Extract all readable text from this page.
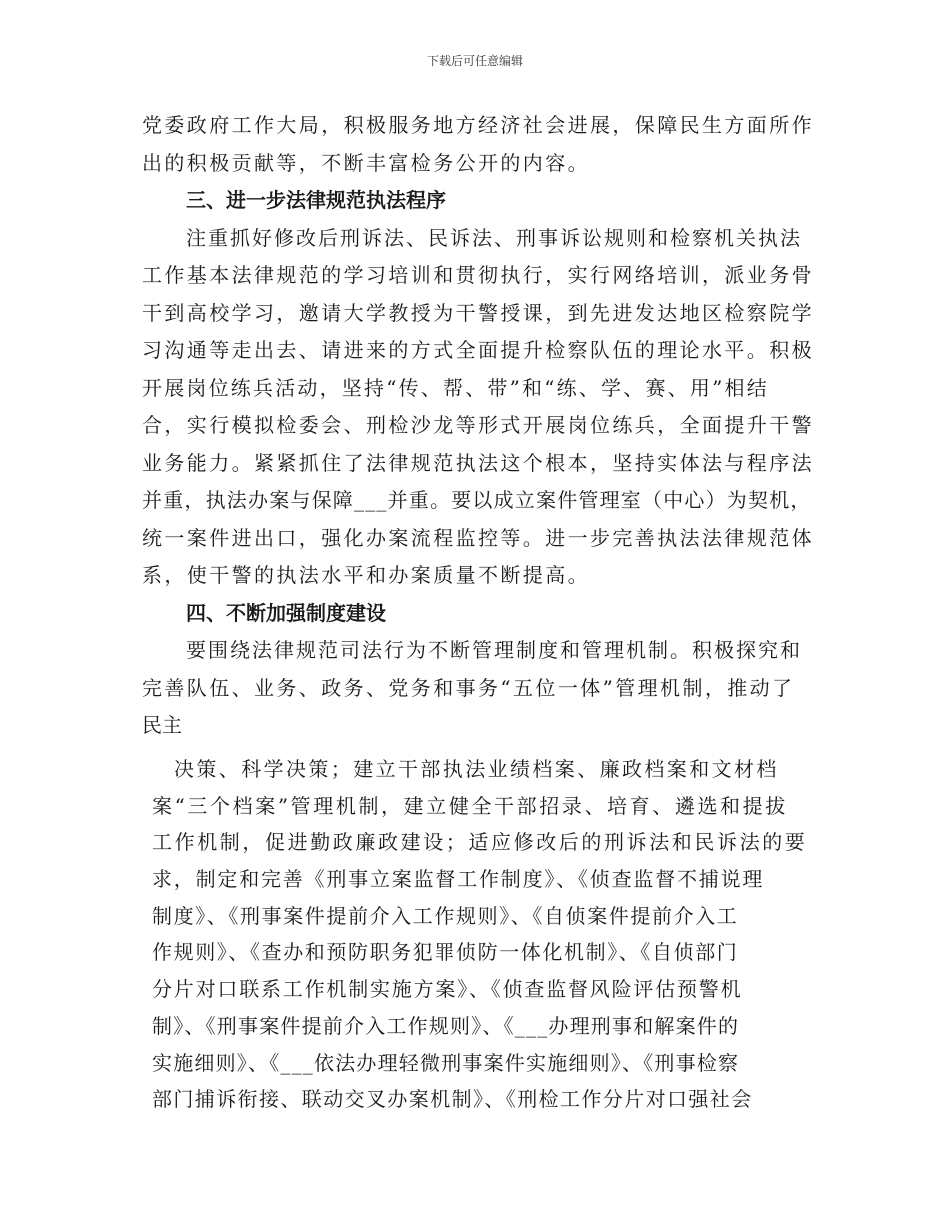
下载后可任意编辑
党委政府工作大局，积极服务地方经济社会进展，保障民生方面所作
出的积极贡献等，不断丰富检务公开的内容。
三、进一步法律规范执法程序
注重抓好修改后刑诉法、民诉法、刑事诉讼规则和检察机关执法
工作基本法律规范的学习培训和贯彻执行，实行网络培训，派业务骨
干到高校学习，邀请大学教授为干警授课，到先进发达地区检察院学
习沟通等走出去、请进来的方式全面提升检察队伍的理论水平。积极
开展岗位练兵活动，坚持“传、帮、带”和“练、学、赛、用”相结
合，实行模拟检委会、刑检沙龙等形式开展岗位练兵，全面提升干警
业务能力。紧紧抓住了法律规范执法这个根本，坚持实体法与程序法
并重，执法办案与保障___并重。要以成立案件管理室（中心）为契机，
统一案件进出口，强化办案流程监控等。进一步完善执法法律规范体
系，使干警的执法水平和办案质量不断提高。
四、不断加强制度建设
要围绕法律规范司法行为不断管理制度和管理机制。积极探究和
完善队伍、业务、政务、党务和事务“五位一体”管理机制，推动了
民主
决策、科学决策；建立干部执法业绩档案、廉政档案和文材档
案“三个档案”管理机制，建立健全干部招录、培育、遴选和提拔
工作机制，促进勤政廉政建设；适应修改后的刑诉法和民诉法的要
求，制定和完善《刑事立案监督工作制度》、《侦查监督不捕说理
制度》、《刑事案件提前介入工作规则》、《自侦案件提前介入工
作规则》、《查办和预防职务犯罪侦防一体化机制》、《自侦部门
分片对口联系工作机制实施方案》、《侦查监督风险评估预警机
制》、《刑事案件提前介入工作规则》、《___办理刑事和解案件的
实施细则》、《___依法办理轻微刑事案件实施细则》、《刑事检察
部门捕诉衔接、联动交叉办案机制》、《刑检工作分片对口强社会
